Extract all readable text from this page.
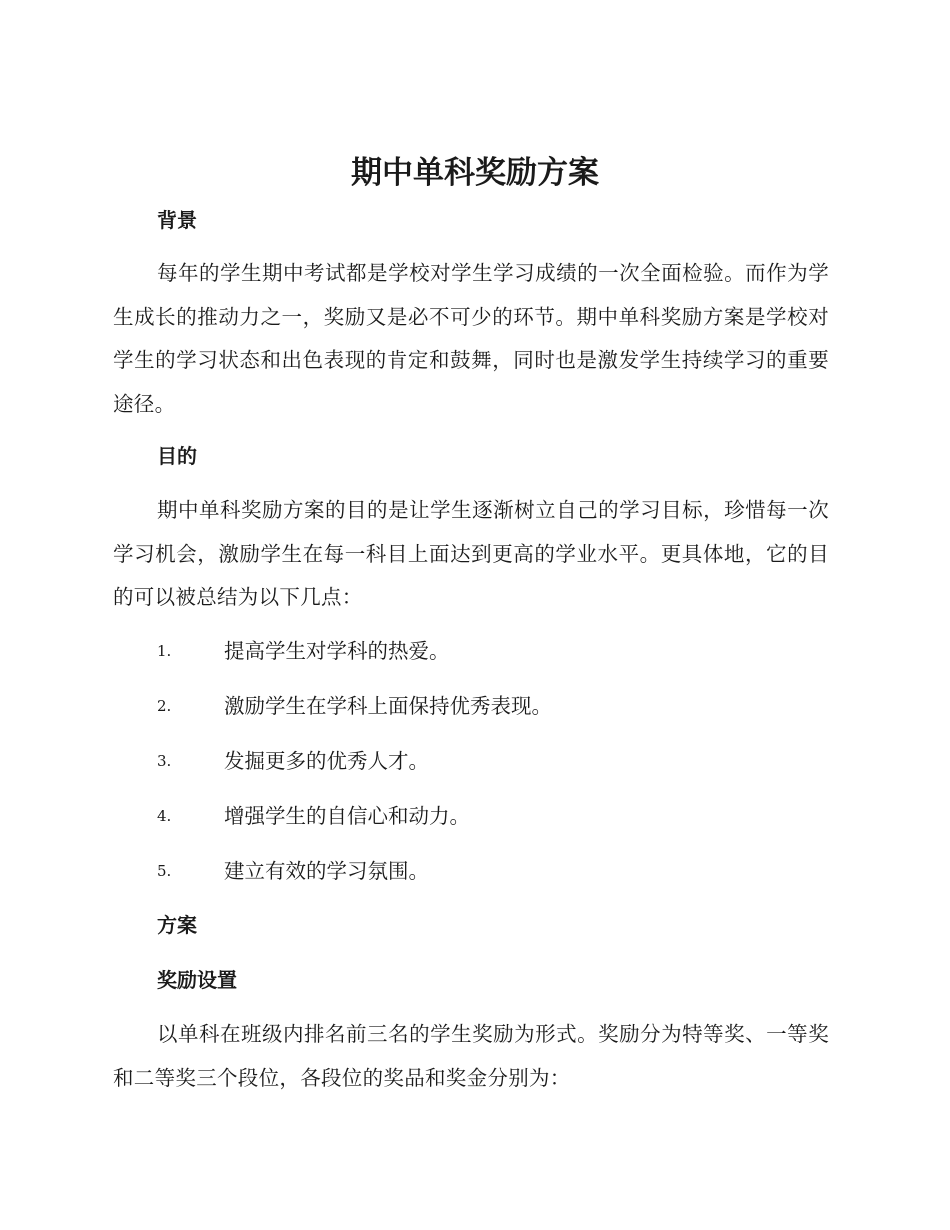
期中单科奖励方案
背景

每年的学生期中考试都是学校对学生学习成绩的一次全面检验。而作为学生成长的推动力之一，奖励又是必不可少的环节。期中单科奖励方案是学校对学生的学习状态和出色表现的肯定和鼓舞，同时也是激发学生持续学习的重要途径。

目的

期中单科奖励方案的目的是让学生逐渐树立自己的学习目标，珍惜每一次学习机会，激励学生在每一科目上面达到更高的学业水平。更具体地，它的目的可以被总结为以下几点：

1.	提高学生对学科的热爱。
2.	激励学生在学科上面保持优秀表现。
3.	发掘更多的优秀人才。
4.	增强学生的自信心和动力。
5.	建立有效的学习氛围。
方案
奖励设置

以单科在班级内排名前三名的学生奖励为形式。奖励分为特等奖、一等奖和二等奖三个段位，各段位的奖品和奖金分别为：
